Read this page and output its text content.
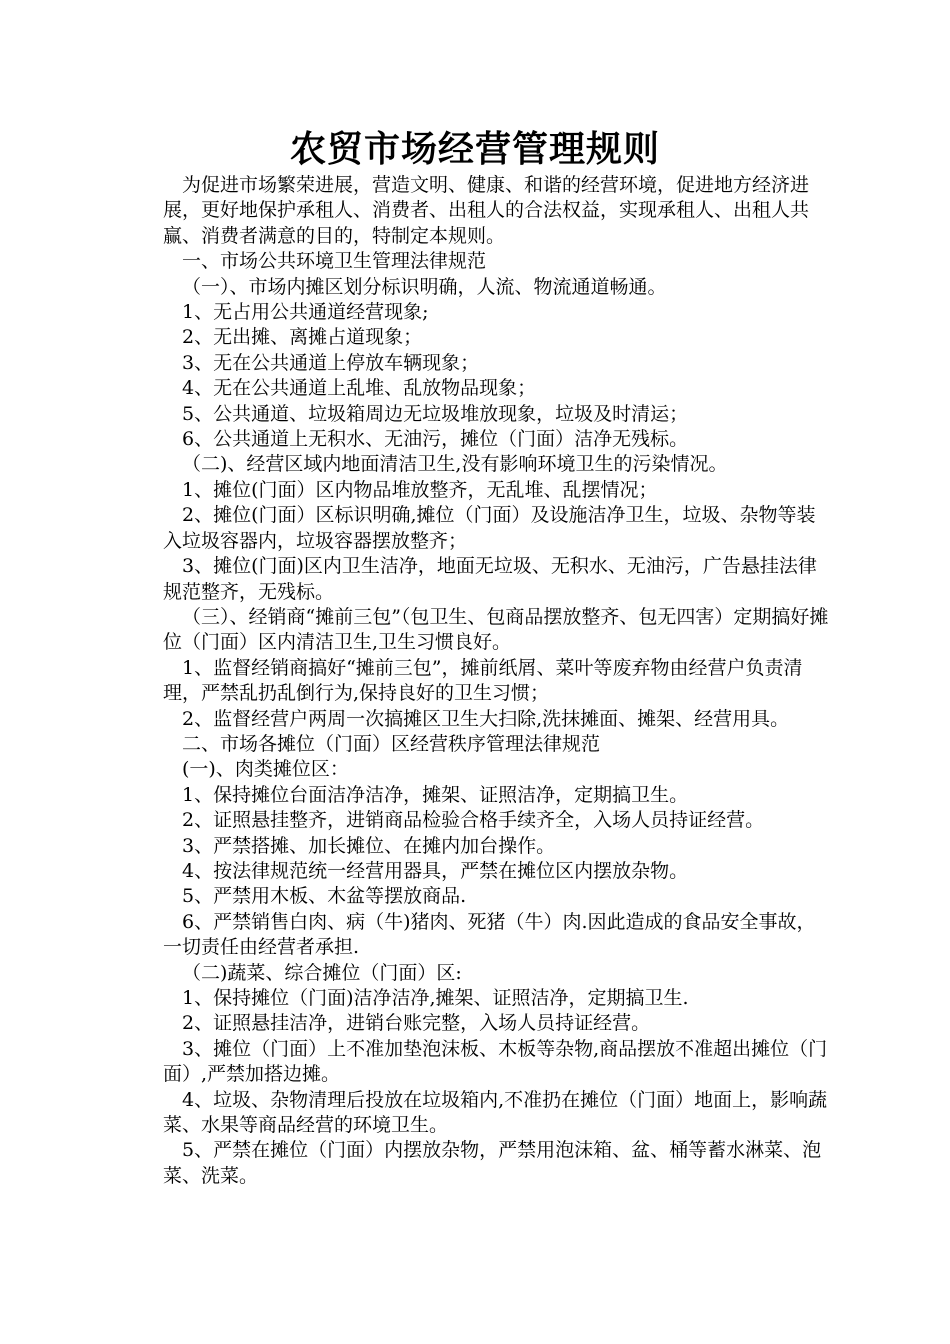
农贸市场经营管理规则

为促进市场繁荣进展，营造文明、健康、和谐的经营环境，促进地方经济进展，更好地保护承租人、消费者、出租人的合法权益，实现承租人、出租人共赢、消费者满意的目的，特制定本规则。

一、市场公共环境卫生管理法律规范

（一）、市场内摊区划分标识明确，人流、物流通道畅通。

1、无占用公共通道经营现象;

2、无出摊、离摊占道现象；

3、无在公共通道上停放车辆现象；

4、无在公共通道上乱堆、乱放物品现象；

5、公共通道、垃圾箱周边无垃圾堆放现象，垃圾及时清运；

6、公共通道上无积水、无油污，摊位（门面）洁净无残标。

（二)、经营区域内地面清洁卫生,没有影响环境卫生的污染情况。

1、摊位(门面）区内物品堆放整齐，无乱堆、乱摆情况；

2、摊位(门面）区标识明确,摊位（门面）及设施洁净卫生，垃圾、杂物等装入垃圾容器内，垃圾容器摆放整齐；

3、摊位(门面)区内卫生洁净，地面无垃圾、无积水、无油污，广告悬挂法律规范整齐，无残标。

（三）、经销商“摊前三包”（包卫生、包商品摆放整齐、包无四害）定期搞好摊位（门面）区内清洁卫生,卫生习惯良好。

1、监督经销商搞好“摊前三包”，摊前纸屑、菜叶等废弃物由经营户负责清理，严禁乱扔乱倒行为,保持良好的卫生习惯；

2、监督经营户两周一次搞摊区卫生大扫除,洗抹摊面、摊架、经营用具。

二、市场各摊位（门面）区经营秩序管理法律规范

(一)、肉类摊位区：

1、保持摊位台面洁净洁净，摊架、证照洁净，定期搞卫生。

2、证照悬挂整齐，进销商品检验合格手续齐全，入场人员持证经营。

3、严禁搭摊、加长摊位、在摊内加台操作。

4、按法律规范统一经营用器具，严禁在摊位区内摆放杂物。

5、严禁用木板、木盆等摆放商品.

6、严禁销售白肉、病（牛)猪肉、死猪（牛）肉.因此造成的食品安全事故，一切责任由经营者承担.

（二)蔬菜、综合摊位（门面）区:

1、保持摊位（门面)洁净洁净,摊架、证照洁净，定期搞卫生.

2、证照悬挂洁净，进销台账完整，入场人员持证经营。

3、摊位（门面）上不准加垫泡沫板、木板等杂物,商品摆放不准超出摊位（门面）,严禁加搭边摊。

4、垃圾、杂物清理后投放在垃圾箱内,不准扔在摊位（门面）地面上，影响蔬菜、水果等商品经营的环境卫生。

5、严禁在摊位（门面）内摆放杂物，严禁用泡沫箱、盆、桶等蓄水淋菜、泡菜、洗菜。
